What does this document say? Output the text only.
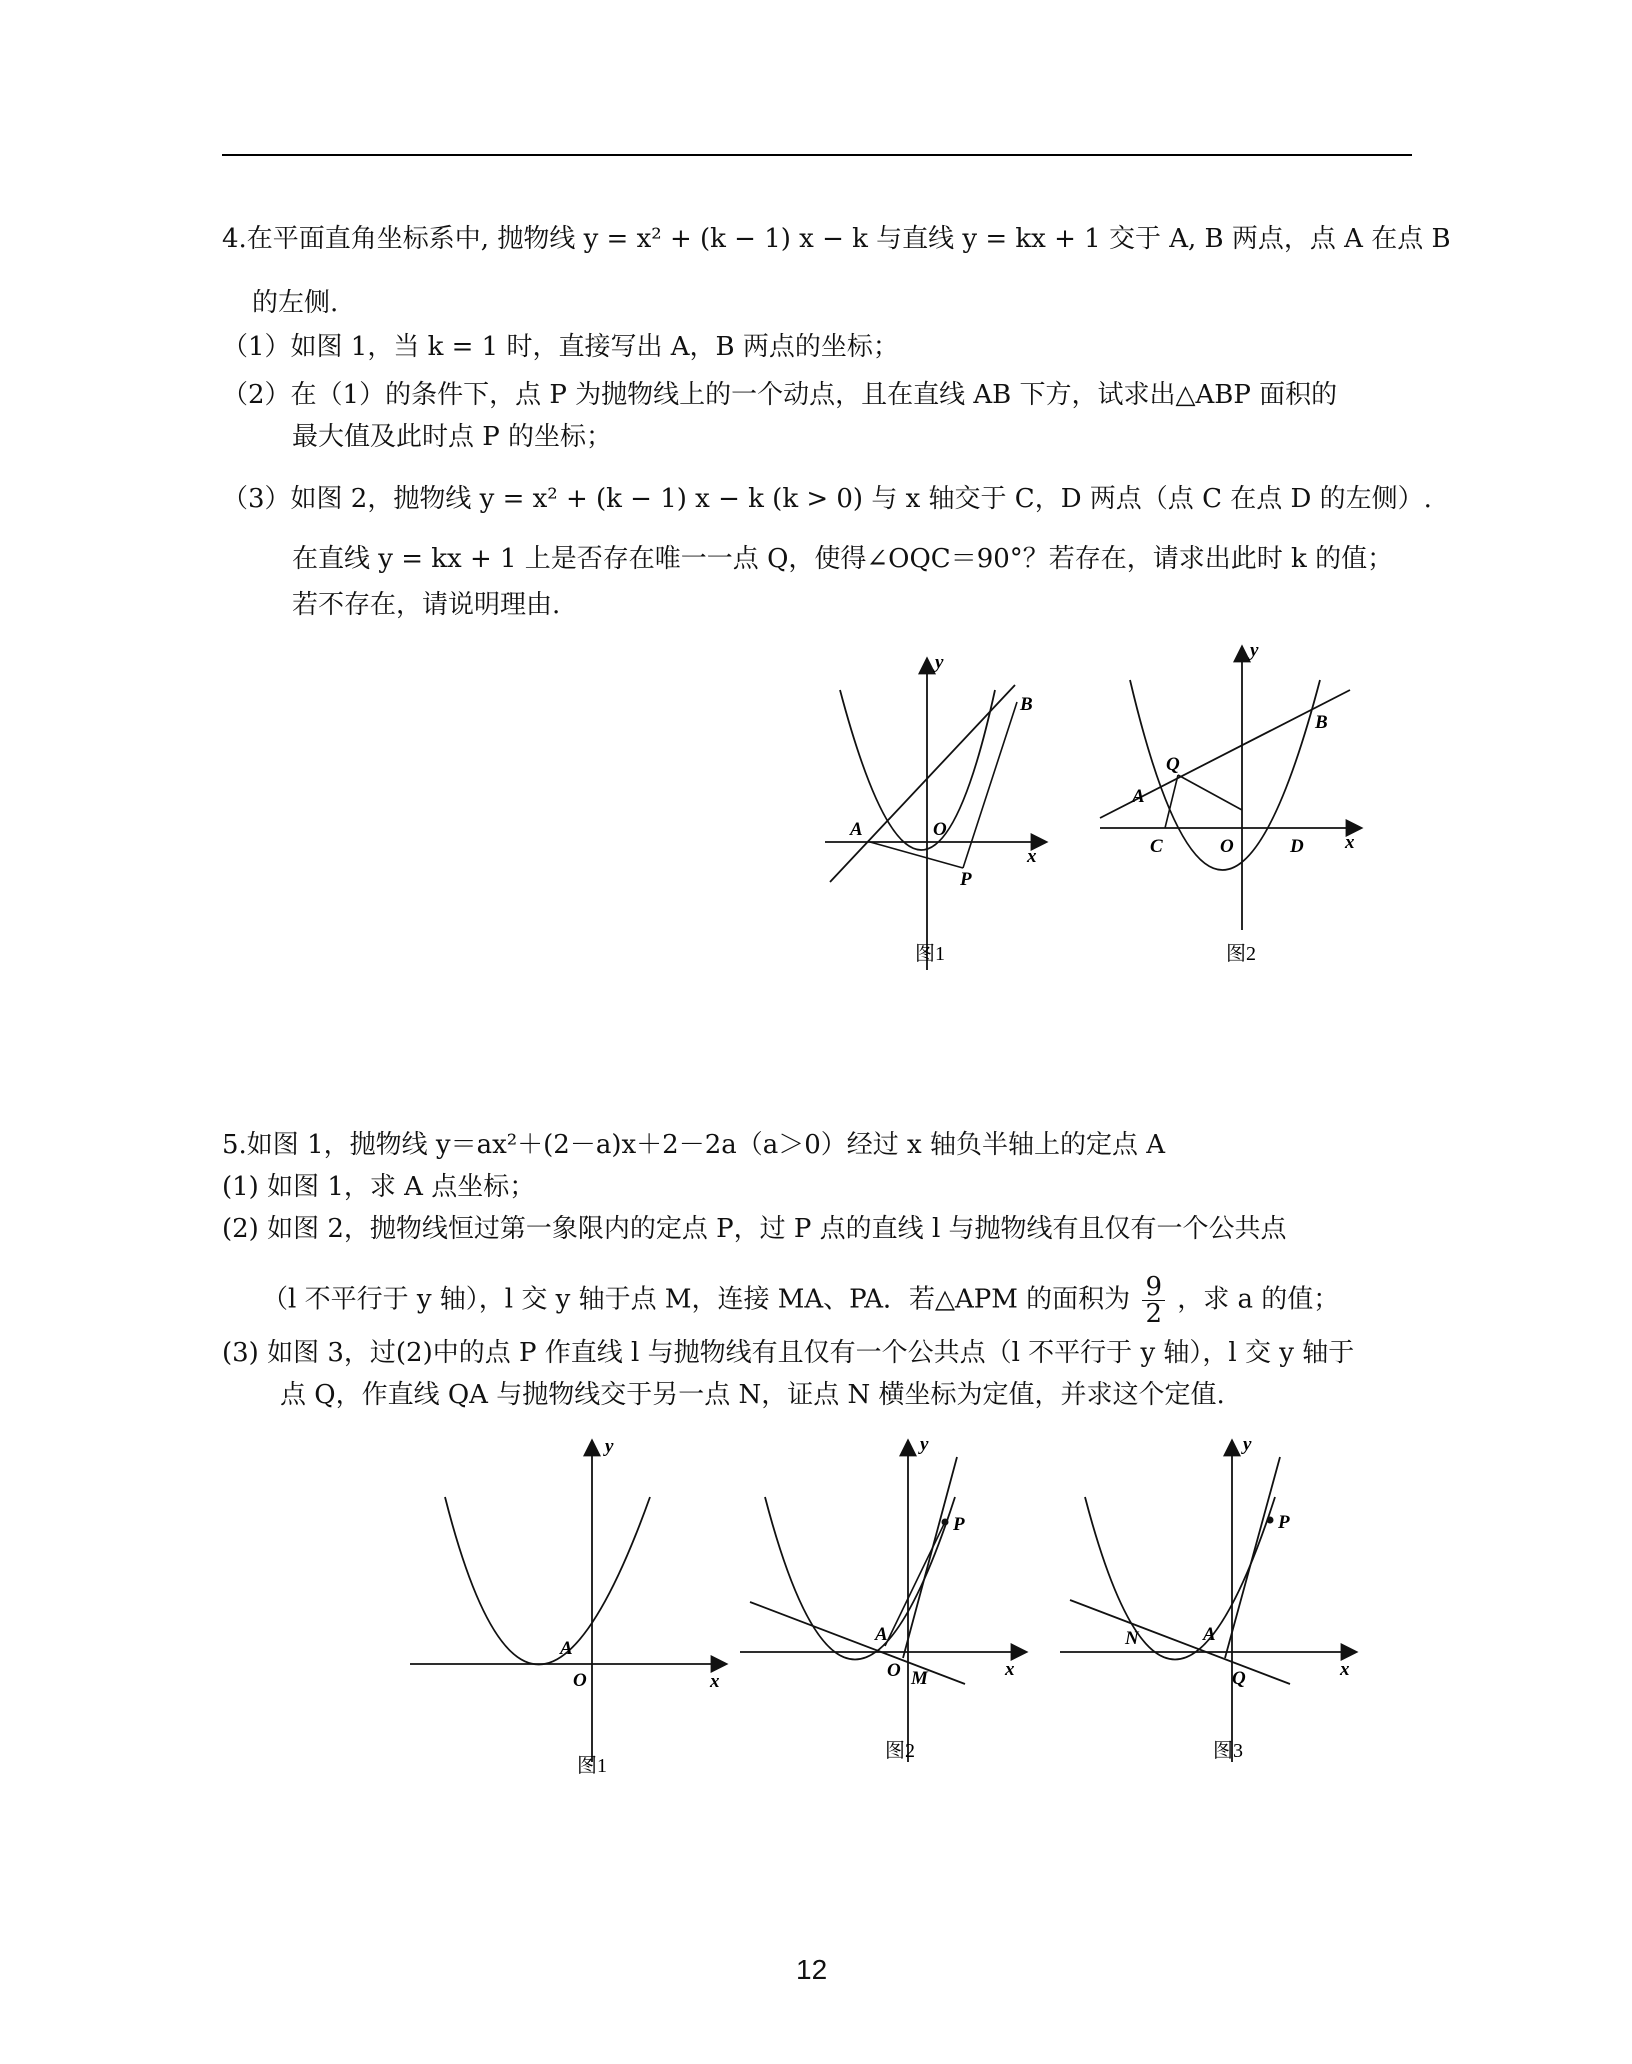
4.在平面直角坐标系中, 抛物线 y = x² + (k − 1) x − k 与直线 y = kx + 1 交于 A, B 两点，点 A 在点 B
的左侧.
（1）如图 1，当 k = 1 时，直接写出 A，B 两点的坐标；
（2）在（1）的条件下，点 P 为抛物线上的一个动点，且在直线 AB 下方，试求出△ABP 面积的
最大值及此时点 P 的坐标；
（3）如图 2，抛物线 y = x² + (k − 1) x − k (k > 0) 与 x 轴交于 C，D 两点（点 C 在点 D 的左侧）.
在直线 y = kx + 1 上是否存在唯一一点 Q，使得∠OQC＝90°？若存在，请求出此时 k 的值；
若不存在，请说明理由.
y
x
A	O
B
P
图1
y
x
A
B
C	D
O
Q
图2
5.如图 1，抛物线 y＝ax²＋(2－a)x＋2－2a（a＞0）经过 x 轴负半轴上的定点 A
(1) 如图 1，求 A 点坐标；
(2) 如图 2，抛物线恒过第一象限内的定点 P，过 P 点的直线 l 与抛物线有且仅有一个公共点
（l 不平行于 y 轴），l 交 y 轴于点 M，连接 MA、PA．若△APM 的面积为 $\frac{9}{2}$ ，求 a 的值；
(3) 如图 3，过(2)中的点 P 作直线 l 与抛物线有且仅有一个公共点（l 不平行于 y 轴），l 交 y 轴于
点 Q，作直线 QA 与抛物线交于另一点 N，证点 N 横坐标为定值，并求这个定值.
y
x
A
O
图1
y
x
A
O M
P
图2
y
x
A
N
Q
P
图3
12
